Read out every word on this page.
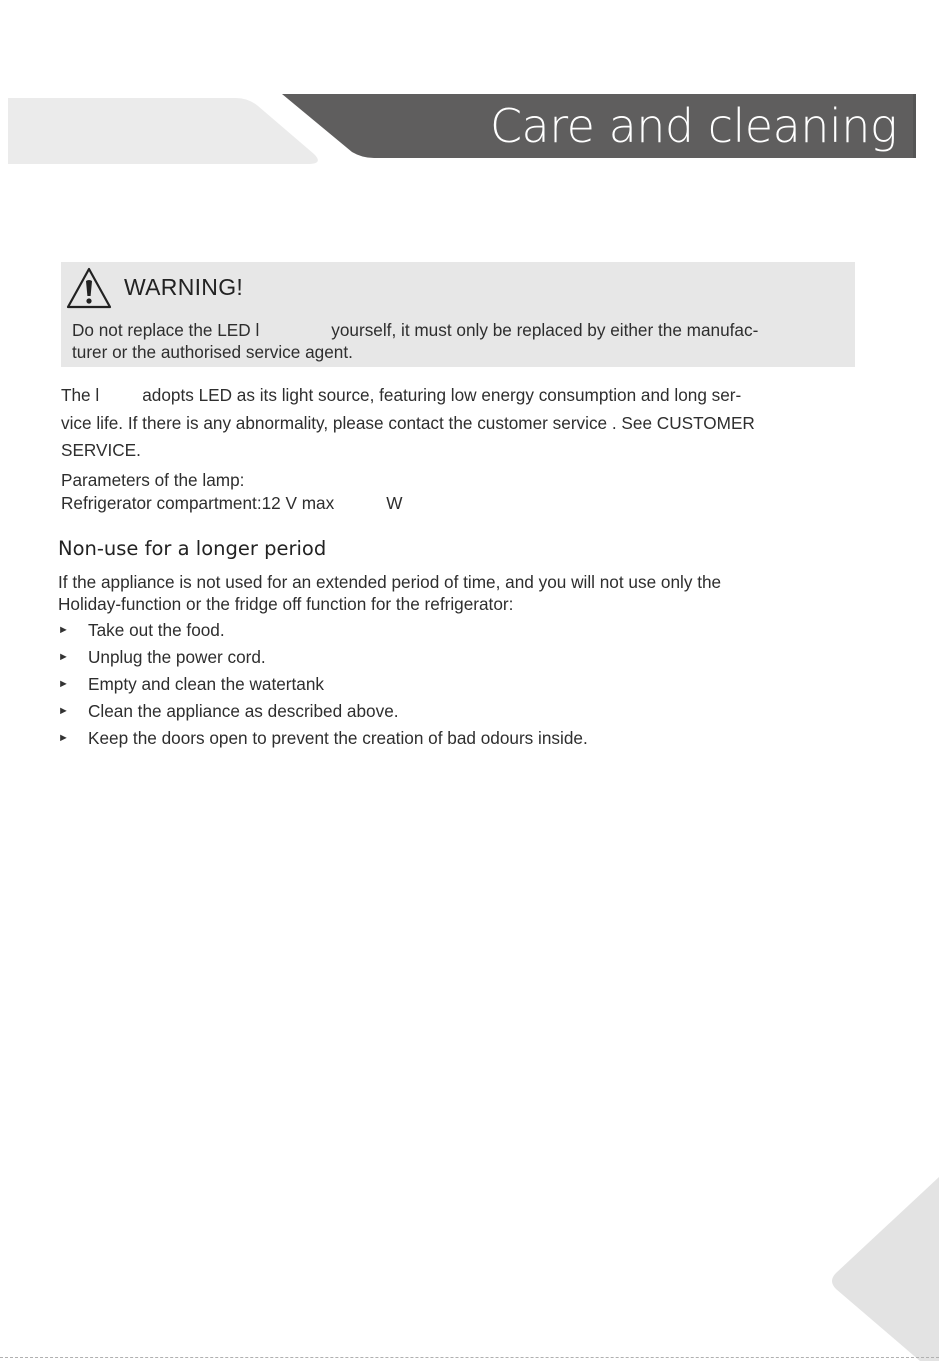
Care and cleaning
WARNING!
Do not replace the LED l	yourself, it must only be replaced by either the manufac-
turer or the authorised service agent.
The l	adopts LED as its light source, featuring low energy consumption and long ser-
vice life. If there is any abnormality, please contact the customer service . See CUSTOMER
SERVICE.
Parameters of the lamp:
Refrigerator compartment:12 V max	W
Non-use for a longer period
If the appliance is not used for an extended period of time, and you will not use only the
Holiday-function or the fridge off function for the refrigerator:
► Take out the food.
► Unplug the power cord.
► Empty and clean the watertank
► Clean the appliance as described above.
► Keep the doors open to prevent the creation of bad odours inside.
